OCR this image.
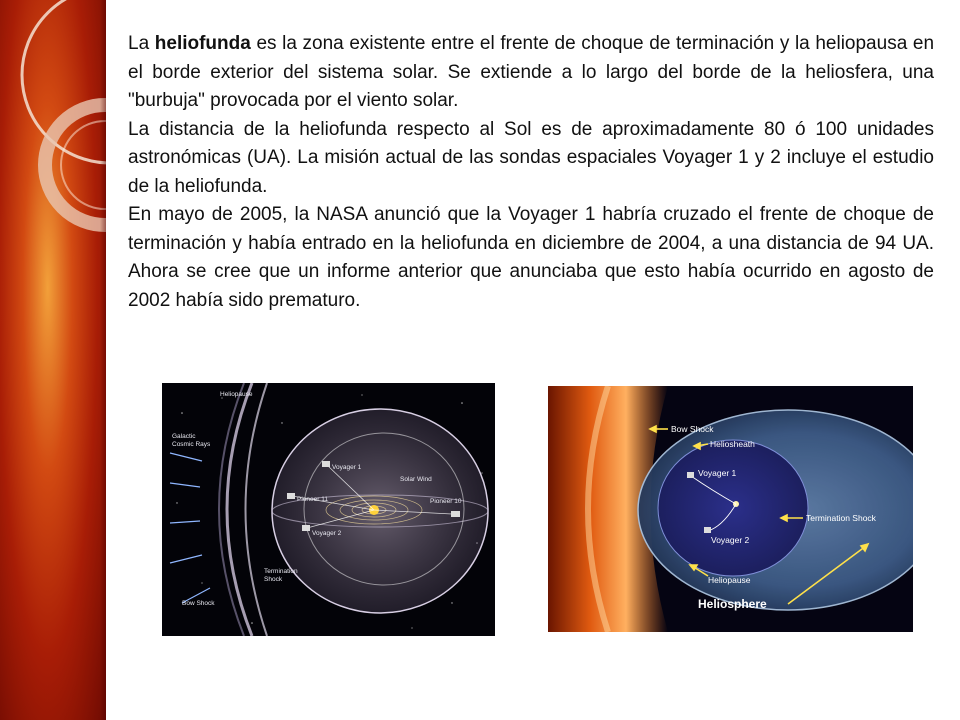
La heliofunda es la zona existente entre el frente de choque de terminación y la heliopausa en el borde exterior del sistema solar. Se extiende a lo largo del borde de la heliosfera, una "burbuja" provocada por el viento solar.

La distancia de la heliofunda respecto al Sol es de aproximadamente 80 ó 100 unidades astronómicas (UA). La misión actual de las sondas espaciales Voyager 1 y 2 incluye el estudio de la heliofunda.

En mayo de 2005, la NASA anunció que la Voyager 1 habría cruzado el frente de choque de terminación y había entrado en la heliofunda en diciembre de 2004, a una distancia de 94 UA. Ahora se cree que un informe anterior que anunciaba que esto había ocurrido en agosto de 2002 había sido prematuro.

Heliopause
Galactic
Cosmic Rays
Voyager 1
Solar Wind
Pioneer 11	Pioneer 10
Voyager 2
Termination
Shock
Bow Shock
Bow Shock
Heliosheath
Voyager 1
Termination Shock
Voyager 2
Heliopause
Heliosphere
